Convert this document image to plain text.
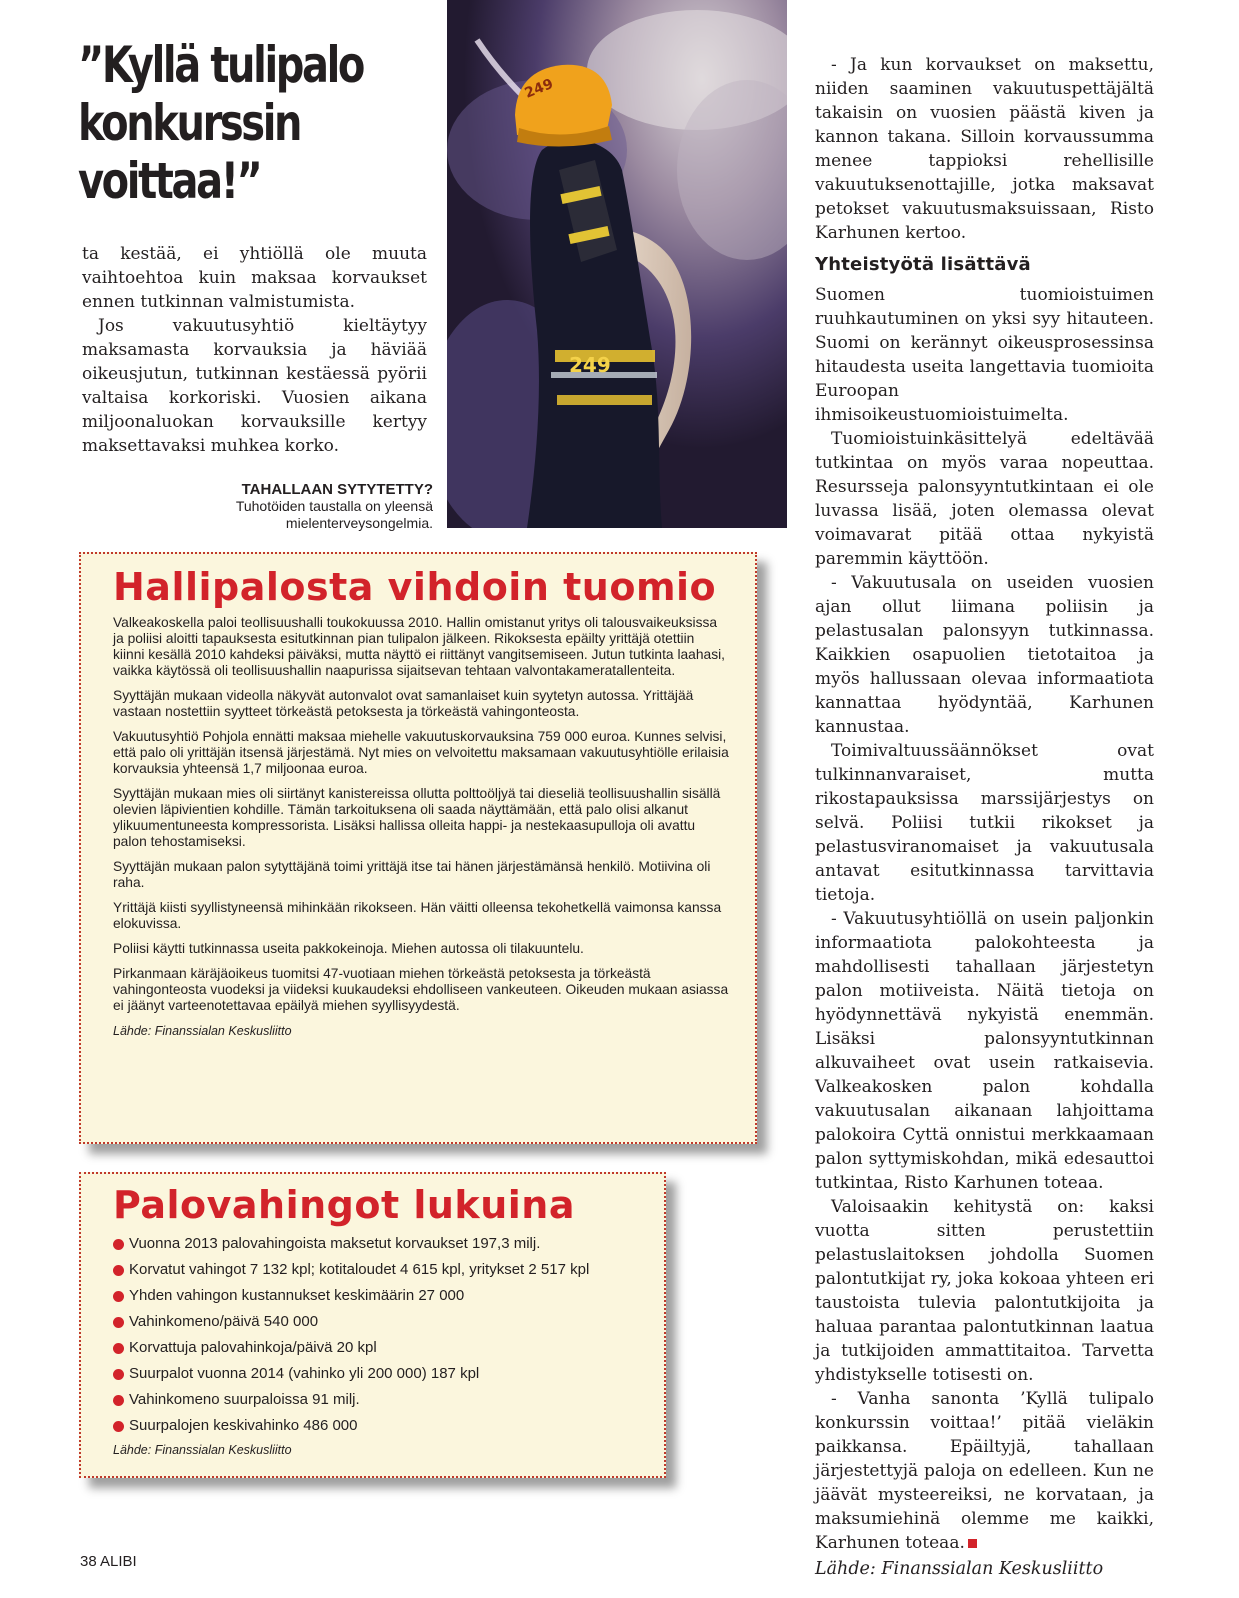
”Kyllä tulipalo konkurssin voittaa!”

ta kestää, ei yhtiöllä ole muuta vaihtoehtoa kuin maksaa korvaukset ennen tutkinnan valmistumista.

Jos vakuutusyhtiö kieltäytyy maksamasta korvauksia ja häviää oikeusjutun, tutkinnan kestäessä pyörii valtaisa korkoriski. Vuosien aikana miljoonaluokan korvauksille kertyy maksettavaksi muhkea korko.

TAHALLAAN SYTYTETTY?
Tuhotöiden taustalla on yleensä mielenterveysongelmia.
249
249
Hallipalosta vihdoin tuomio

Valkeakoskella paloi teollisuushalli toukokuussa 2010. Hallin omistanut yritys oli talousvaikeuksissa ja poliisi aloitti tapauksesta esitutkinnan pian tulipalon jälkeen. Rikoksesta epäilty yrittäjä otettiin kiinni kesällä 2010 kahdeksi päiväksi, mutta näyttö ei riittänyt vangitsemiseen. Jutun tutkinta laahasi, vaikka käytössä oli teollisuushallin naapurissa sijaitsevan tehtaan valvontakameratallenteita.

Syyttäjän mukaan videolla näkyvät autonvalot ovat samanlaiset kuin syytetyn autossa. Yrittäjää vastaan nostettiin syytteet törkeästä petoksesta ja törkeästä vahingonteosta.

Vakuutusyhtiö Pohjola ennätti maksaa miehelle vakuutuskorvauksina 759 000 euroa. Kunnes selvisi, että palo oli yrittäjän itsensä järjestämä. Nyt mies on velvoitettu maksamaan vakuutusyhtiölle erilaisia korvauksia yhteensä 1,7 miljoonaa euroa.

Syyttäjän mukaan mies oli siirtänyt kanistereissa ollutta polttoöljyä tai dieseliä teollisuushallin sisällä olevien läpivientien kohdille. Tämän tarkoituksena oli saada näyttämään, että palo olisi alkanut ylikuumentuneesta kompressorista. Lisäksi hallissa olleita happi- ja nestekaasupulloja oli avattu palon tehostamiseksi.

Syyttäjän mukaan palon sytyttäjänä toimi yrittäjä itse tai hänen järjestämänsä henkilö. Motiivina oli raha.

Yrittäjä kiisti syyllistyneensä mihinkään rikokseen. Hän väitti olleensa tekohetkellä vaimonsa kanssa elokuvissa.

Poliisi käytti tutkinnassa useita pakkokeinoja. Miehen autossa oli tilakuuntelu.

Pirkanmaan käräjäoikeus tuomitsi 47-vuotiaan miehen törkeästä petoksesta ja törkeästä vahingonteosta vuodeksi ja viideksi kuukaudeksi ehdolliseen vankeuteen. Oikeuden mukaan asiassa ei jäänyt varteenotettavaa epäilyä miehen syyllisyydestä.

Lähde: Finanssialan Keskusliitto
Palovahingot lukuina
Vuonna 2013 palovahingoista maksetut korvaukset 197,3 milj.
Korvatut vahingot 7 132 kpl; kotitaloudet 4 615 kpl, yritykset 2 517 kpl
Yhden vahingon kustannukset keskimäärin 27 000
Vahinkomeno/päivä 540 000
Korvattuja palovahinkoja/päivä 20 kpl
Suurpalot vuonna 2014 (vahinko yli 200 000) 187 kpl
Vahinkomeno suurpaloissa 91 milj.
Suurpalojen keskivahinko 486 000
Lähde: Finanssialan Keskusliitto

- Ja kun korvaukset on maksettu, niiden saaminen vakuutuspettäjältä takaisin on vuosien päästä kiven ja kannon takana. Silloin korvaussumma menee tappioksi rehellisille vakuutuksenottajille, jotka maksavat petokset vakuutusmaksuissaan, Risto Karhunen kertoo.

Yhteistyötä lisättävä

Suomen tuomioistuimen ruuhkautuminen on yksi syy hitauteen. Suomi on kerännyt oikeusprosessinsa hitaudesta useita langettavia tuomioita Euroopan ihmisoikeustuomioistuimelta.

Tuomioistuinkäsittelyä edeltävää tutkintaa on myös varaa nopeuttaa. Resursseja palonsyyntutkintaan ei ole luvassa lisää, joten olemassa olevat voimavarat pitää ottaa nykyistä paremmin käyttöön.

- Vakuutusala on useiden vuosien ajan ollut liimana poliisin ja pelastusalan palonsyyn tutkinnassa. Kaikkien osapuolien tietotaitoa ja myös hallussaan olevaa informaatiota kannattaa hyödyntää, Karhunen kannustaa.

Toimivaltuussäännökset ovat tulkinnanvaraiset, mutta rikostapauksissa marssijärjestys on selvä. Poliisi tutkii rikokset ja pelastusviranomaiset ja vakuutusala antavat esitutkinnassa tarvittavia tietoja.

- Vakuutusyhtiöllä on usein paljonkin informaatiota palokohteesta ja mahdollisesti tahallaan järjestetyn palon motiiveista. Näitä tietoja on hyödynnettävä nykyistä enemmän. Lisäksi palonsyyntutkinnan alkuvaiheet ovat usein ratkaisevia. Valkeakosken palon kohdalla vakuutusalan aikanaan lahjoittama palokoira Cyttä onnistui merkkaamaan palon syttymiskohdan, mikä edesauttoi tutkintaa, Risto Karhunen toteaa.

Valoisaakin kehitystä on: kaksi vuotta sitten perustettiin pelastuslaitoksen johdolla Suomen palontutkijat ry, joka kokoaa yhteen eri taustoista tulevia palontutkijoita ja haluaa parantaa palontutkinnan laatua ja tutkijoiden ammattitaitoa. Tarvetta yhdistykselle totisesti on.

- Vanha sanonta ’Kyllä tulipalo konkurssin voittaa!’ pitää vieläkin paikkansa. Epäiltyjä, tahallaan järjestettyjä paloja on edelleen. Kun ne jäävät mysteereiksi, ne korvataan, ja maksumiehinä olemme me kaikki, Karhunen toteaa.

Lähde: Finanssialan Keskusliitto
38 ALIBI
